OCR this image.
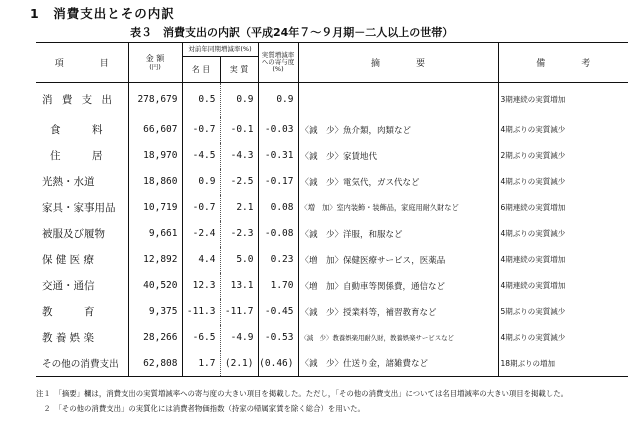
1　消費支出とその内訳
表３　消費支出の内訳（平成24年７～９月期－二人以上の世帯）
項　　　　目	金 額
(円)	対前年同期増減率(%)		実質増減率への寄与度(%)	摘　　　　要	備　　　　考
		名 目	実 質			
消 費 支 出	278,679	0.5	0.9	0.9		3期連続の実質増加
食　　　料	66,607	-0.7	-0.1	-0.03	〈減　少〉魚介類，肉類など	4期ぶりの実質減少
住　　　居	18,970	-4.5	-4.3	-0.31	〈減　少〉家賃地代	2期ぶりの実質減少
光熱・水道	18,860	0.9	-2.5	-0.17	〈減　少〉電気代，ガス代など	4期ぶりの実質減少
家具・家事用品	10,719	-0.7	2.1	0.08	〈増　加〉室内装飾・装飾品，家庭用耐久財など	6期連続の実質増加
被服及び履物	9,661	-2.4	-2.3	-0.08	〈減　少〉洋服，和服など	4期ぶりの実質減少
保 健 医 療	12,892	4.4	5.0	0.23	〈増　加〉保健医療サービス，医薬品	4期連続の実質増加
交通・通信	40,520	12.3	13.1	1.70	〈増　加〉自動車等関係費，通信など	4期連続の実質増加
教　　　育	9,375	-11.3	-11.7	-0.45	〈減　少〉授業料等，補習教育など	5期ぶりの実質減少
教 養 娯 楽	28,266	-6.5	-4.9	-0.53	〈減　少〉教養娯楽用耐久財，教養娯楽サービスなど	4期ぶりの実質減少
その他の消費支出	62,808	1.7	(2.1)	(0.46)	〈減　少〉仕送り金，諸雑費など	18期ぶりの増加
注１　「摘要」欄は，消費支出の実質増減率への寄与度の大きい項目を掲載した。ただし，「その他の消費支出」については名目増減率の大きい項目を掲載した。
　２　「その他の消費支出」の実質化には消費者物価指数（持家の帰属家賃を除く総合）を用いた。
